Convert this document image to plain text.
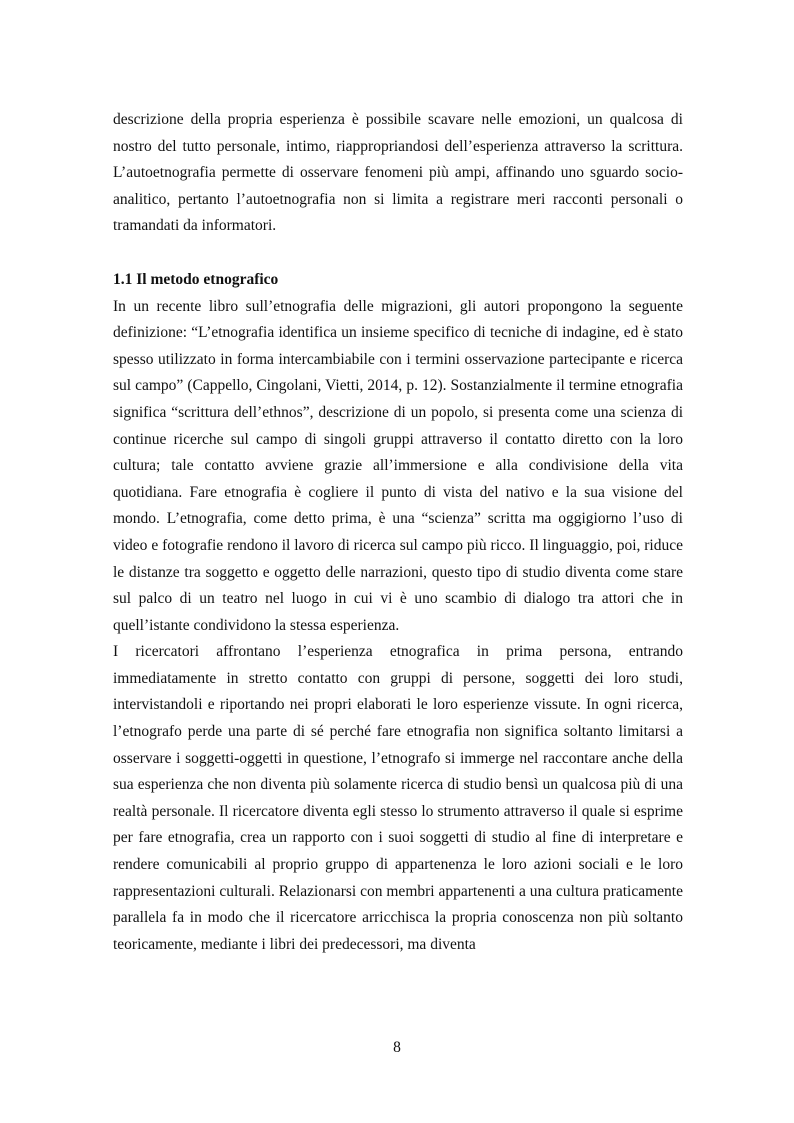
descrizione della propria esperienza è possibile scavare nelle emozioni, un qualcosa di nostro del tutto personale, intimo, riappropriandosi dell’esperienza attraverso la scrittura. L’autoetnografia permette di osservare fenomeni più ampi, affinando uno sguardo socio-analitico, pertanto l’autoetnografia non si limita a registrare meri racconti personali o tramandati da informatori.

1.1 Il metodo etnografico

In un recente libro sull’etnografia delle migrazioni, gli autori propongono la seguente definizione: “L’etnografia identifica un insieme specifico di tecniche di indagine, ed è stato spesso utilizzato in forma intercambiabile con i termini osservazione partecipante e ricerca sul campo” (Cappello, Cingolani, Vietti, 2014, p. 12). Sostanzialmente il termine etnografia significa “scrittura dell’ethnos”, descrizione di un popolo, si presenta come una scienza di continue ricerche sul campo di singoli gruppi attraverso il contatto diretto con la loro cultura; tale contatto avviene grazie all’immersione e alla condivisione della vita quotidiana. Fare etnografia è cogliere il punto di vista del nativo e la sua visione del mondo. L’etnografia, come detto prima, è una “scienza” scritta ma oggigiorno l’uso di video e fotografie rendono il lavoro di ricerca sul campo più ricco. Il linguaggio, poi, riduce le distanze tra soggetto e oggetto delle narrazioni, questo tipo di studio diventa come stare sul palco di un teatro nel luogo in cui vi è uno scambio di dialogo tra attori che in quell’istante condividono la stessa esperienza.

I ricercatori affrontano l’esperienza etnografica in prima persona, entrando immediatamente in stretto contatto con gruppi di persone, soggetti dei loro studi, intervistandoli e riportando nei propri elaborati le loro esperienze vissute. In ogni ricerca, l’etnografo perde una parte di sé perché fare etnografia non significa soltanto limitarsi a osservare i soggetti-oggetti in questione, l’etnografo si immerge nel raccontare anche della sua esperienza che non diventa più solamente ricerca di studio bensì un qualcosa più di una realtà personale. Il ricercatore diventa egli stesso lo strumento attraverso il quale si esprime per fare etnografia, crea un rapporto con i suoi soggetti di studio al fine di interpretare e rendere comunicabili al proprio gruppo di appartenenza le loro azioni sociali e le loro rappresentazioni culturali. Relazionarsi con membri appartenenti a una cultura praticamente parallela fa in modo che il ricercatore arricchisca la propria conoscenza non più soltanto teoricamente, mediante i libri dei predecessori, ma diventa

8
